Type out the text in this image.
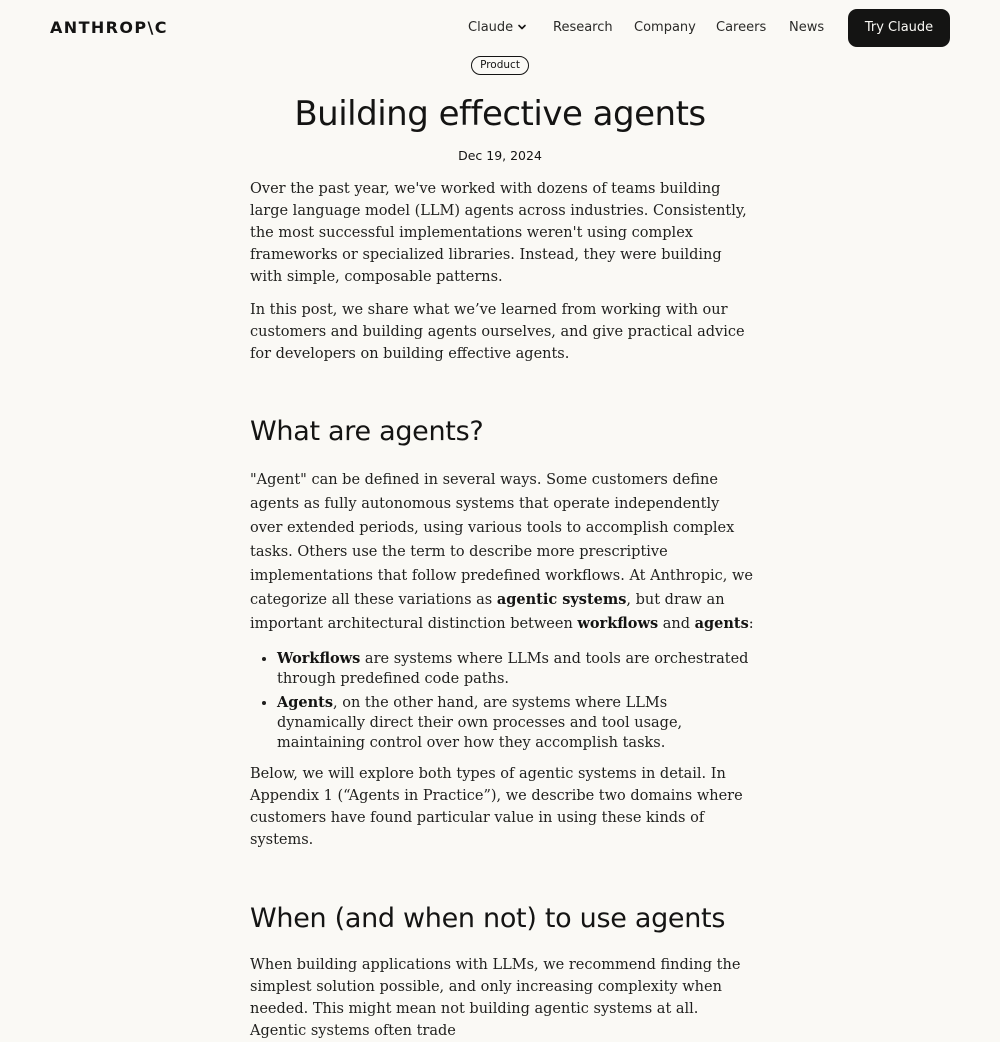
ANTHROP\C	Claude	Research Company Careers News	Try Claude
Product
Building effective agents
Dec 19, 2024

Over the past year, we've worked with dozens of teams building large language model (LLM) agents across industries. Consistently, the most successful implementations weren't using complex frameworks or specialized libraries. Instead, they were building with simple, composable patterns.

In this post, we share what we’ve learned from working with our customers and building agents ourselves, and give practical advice for developers on building effective agents.

What are agents?

"Agent" can be defined in several ways. Some customers define agents as fully autonomous systems that operate independently over extended periods, using various tools to accomplish complex tasks. Others use the term to describe more prescriptive implementations that follow predefined workflows. At Anthropic, we categorize all these variations as agentic systems, but draw an important architectural distinction between workflows and agents:

• Workflows are systems where LLMs and tools are orchestrated through predefined code paths.
• Agents, on the other hand, are systems where LLMs dynamically direct their own processes and tool usage, maintaining control over how they accomplish tasks.

Below, we will explore both types of agentic systems in detail. In Appendix 1 (“Agents in Practice”), we describe two domains where customers have found particular value in using these kinds of systems.

When (and when not) to use agents

When building applications with LLMs, we recommend finding the simplest solution possible, and only increasing complexity when needed. This might mean not building agentic systems at all. Agentic systems often trade
